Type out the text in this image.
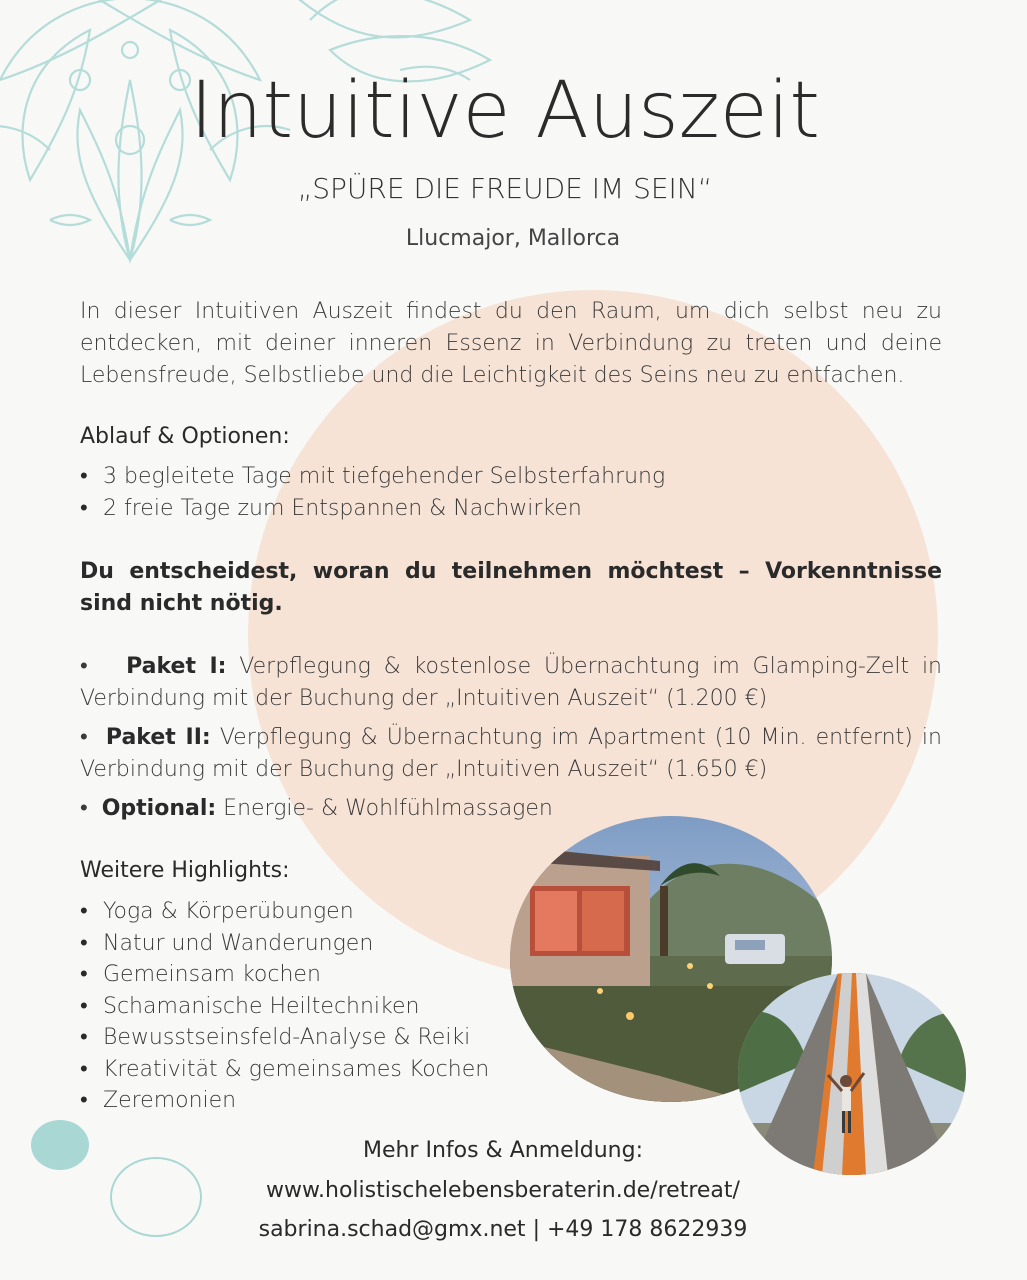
Intuitive Auszeit
„SPÜRE DIE FREUDE IM SEIN“
Llucmajor, Mallorca
In dieser Intuitiven Auszeit findest du den Raum, um dich selbst neu zu entdecken, mit deiner inneren Essenz in Verbindung zu treten und deine Lebensfreude, Selbstliebe und die Leichtigkeit des Seins neu zu entfachen.
Ablauf & Optionen:
• 3 begleitete Tage mit tiefgehender Selbsterfahrung
• 2 freie Tage zum Entspannen & Nachwirken
Du entscheidest, woran du teilnehmen möchtest – Vorkenntnisse sind nicht nötig.
•   Paket I: Verpflegung & kostenlose Übernachtung im Glamping-Zelt in Verbindung mit der Buchung der „Intuitiven Auszeit“ (1.200 €)
•  Paket II: Verpflegung & Übernachtung im Apartment (10 Min. entfernt) in Verbindung mit der Buchung der „Intuitiven Auszeit“ (1.650 €)
•  Optional: Energie- & Wohlfühlmassagen
Weitere Highlights:
• Yoga & Körperübungen
• Natur und Wanderungen
• Gemeinsam kochen
• Schamanische Heiltechniken
• Bewusstseinsfeld-Analyse & Reiki
• Kreativität & gemeinsames Kochen
• Zeremonien
Mehr Infos & Anmeldung:
www.holistischelebensberaterin.de/retreat/
sabrina.schad@gmx.net | +49 178 8622939
